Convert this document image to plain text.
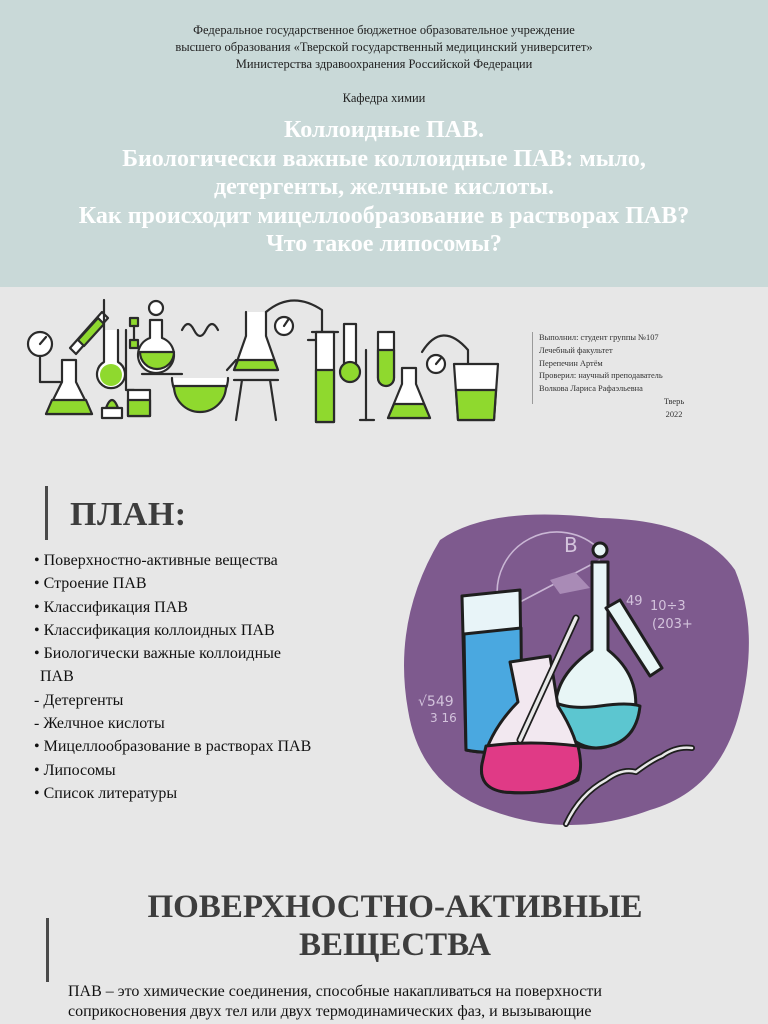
Федеральное государственное бюджетное образовательное учреждение
высшего образования «Тверской государственный медицинский университет»
Министерства здравоохранения Российской Федерации
Кафедра химии
Коллоидные ПАВ.
Биологически важные коллоидные ПАВ: мыло,
детергенты, желчные кислоты.
Как происходит мицеллообразование в растворах ПАВ?
Что такое липосомы?
Выполнил: студент группы №107
Лечебный факультет
Перепечин Артём
Проверил: научный преподаватель
Волкова Лариса Рафаэльевна
Тверь
2022
ПЛАН:
• Поверхностно-активные вещества
• Строение ПАВ
• Классификация ПАВ
• Классификация коллоидных ПАВ
• Биологически важные коллоидные
ПАВ
- Детергенты
- Желчное кислоты
• Мицеллообразование в растворах ПАВ
• Липосомы
• Список литературы
B
√549
3 16
49 10÷3
(203+
ПОВЕРХНОСТНО-АКТИВНЫЕ
ВЕЩЕСТВА
ПАВ – это химические соединения, способные накапливаться на поверхности
соприкосновения двух тел или двух термодинамических фаз, и вызывающие
